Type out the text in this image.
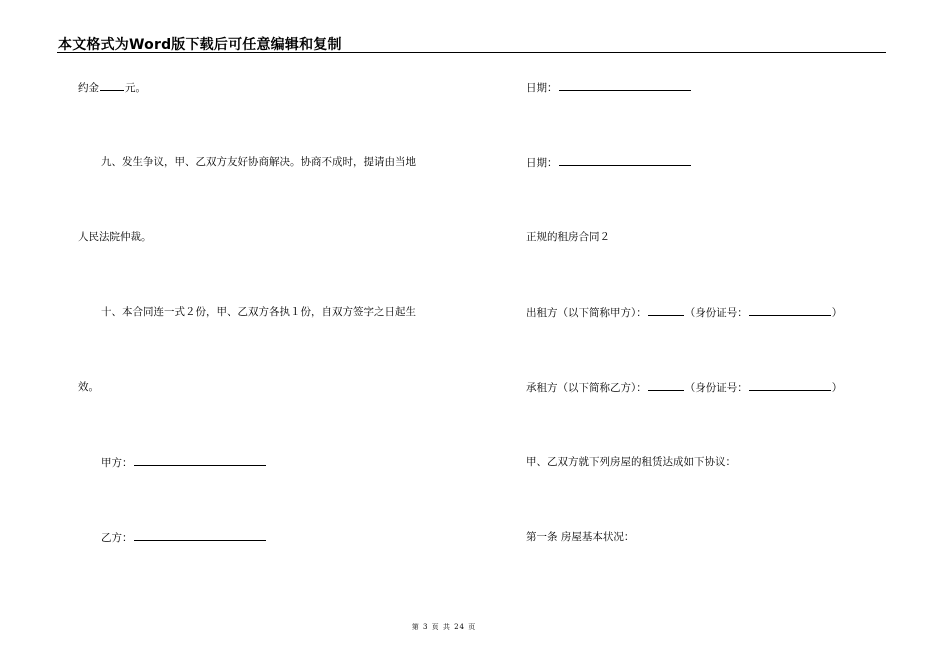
本文格式为Word版下载后可任意编辑和复制
约金 元。
九、发生争议，甲、乙双方友好协商解决。协商不成时，提请由当地
人民法院仲裁。
十、本合同连一式２份，甲、乙双方各执１份，自双方签字之日起生
效。
甲方：
乙方：
日期：
日期：
正规的租房合同２
出租方（以下简称甲方）：	（身份证号：	）
承租方（以下简称乙方）：	（身份证号：	）
甲、乙双方就下列房屋的租赁达成如下协议：
第一条 房屋基本状况：
第 3 页 共 24 页
